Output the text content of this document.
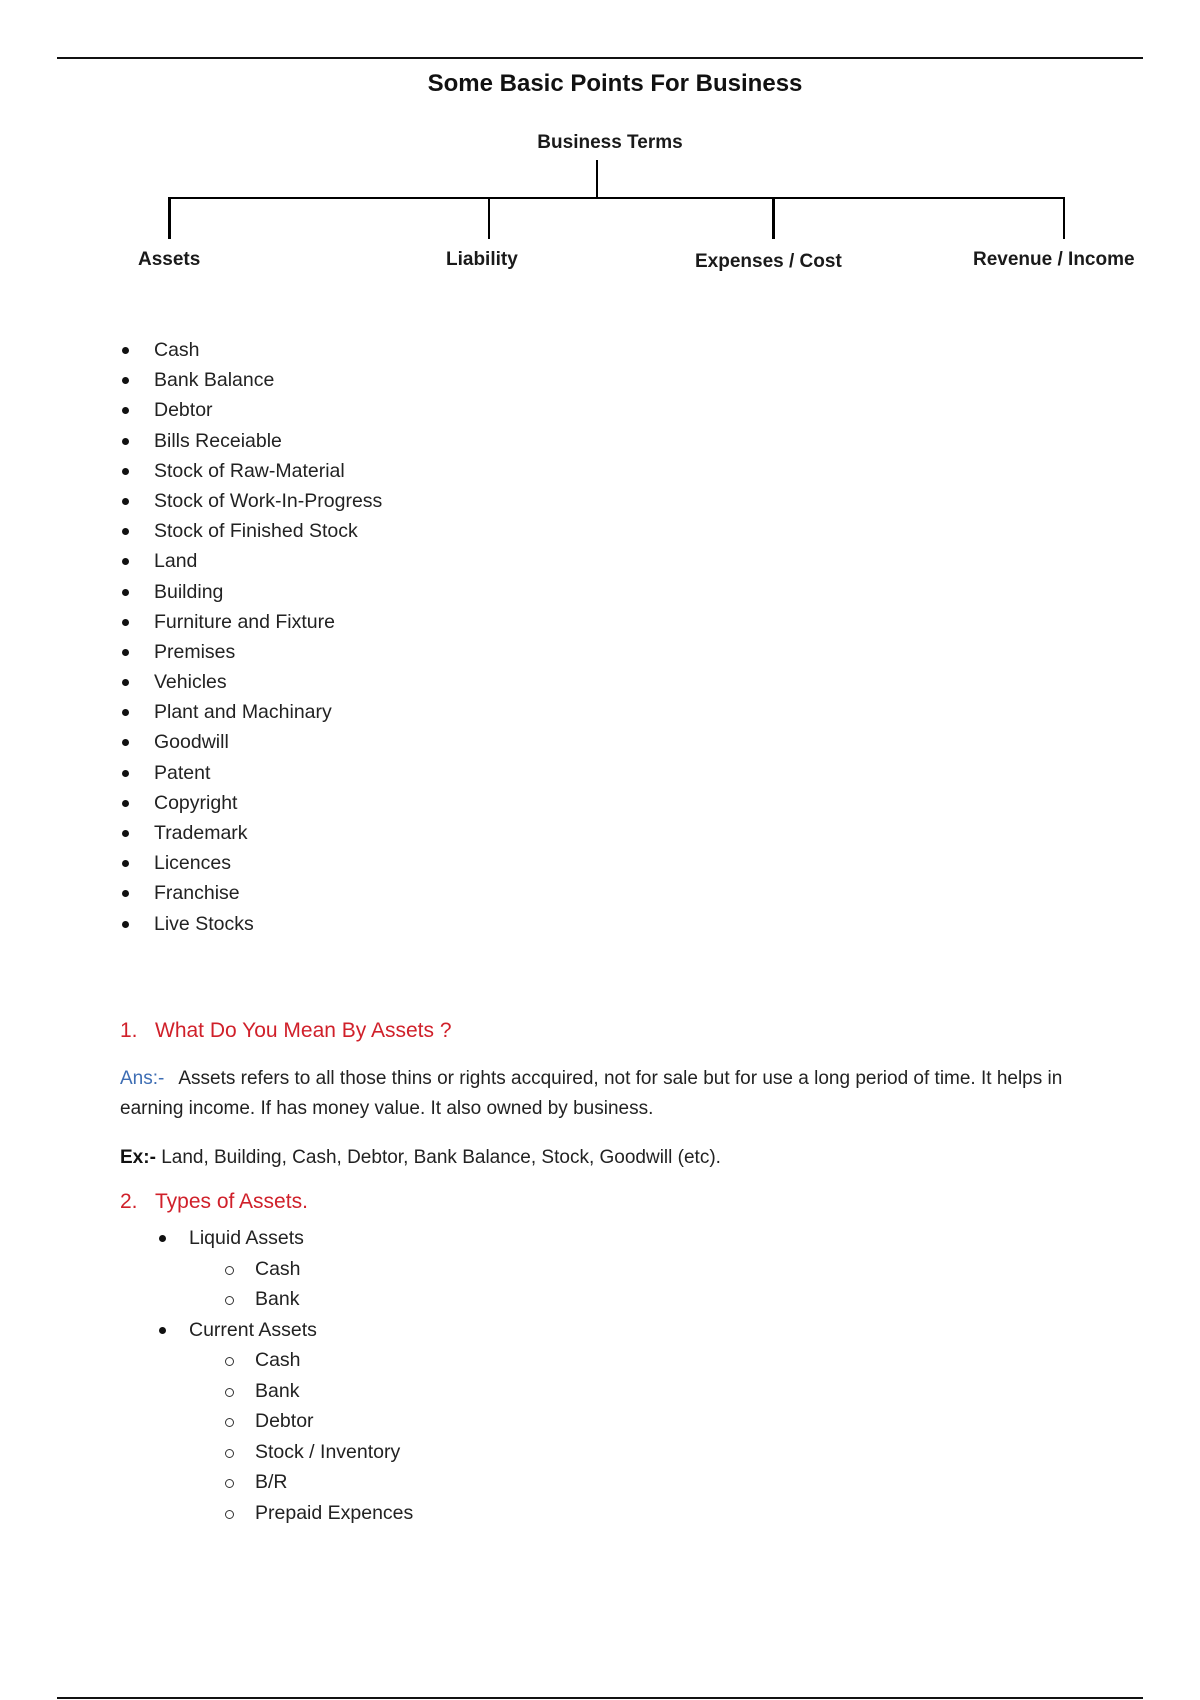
Some Basic Points For Business
Business Terms
Assets	Liability	Expenses / Cost	Revenue / Income
Cash
Bank Balance
Debtor
Bills Receiable
Stock of Raw-Material
Stock of Work-In-Progress
Stock of Finished Stock
Land
Building
Furniture and Fixture
Premises
Vehicles
Plant and Machinary
Goodwill
Patent
Copyright
Trademark
Licences
Franchise
Live Stocks
1. What Do You Mean By Assets ?
Ans:- Assets refers to all those thins or rights accquired, not for sale but for use a long period of time. It helps in earning income. If has money value. It also owned by business.
Ex:- Land, Building, Cash, Debtor, Bank Balance, Stock, Goodwill (etc).
2. Types of Assets.
Liquid Assets
Cash
Bank
Current Assets
Cash
Bank
Debtor
Stock / Inventory
B/R
Prepaid Expences
